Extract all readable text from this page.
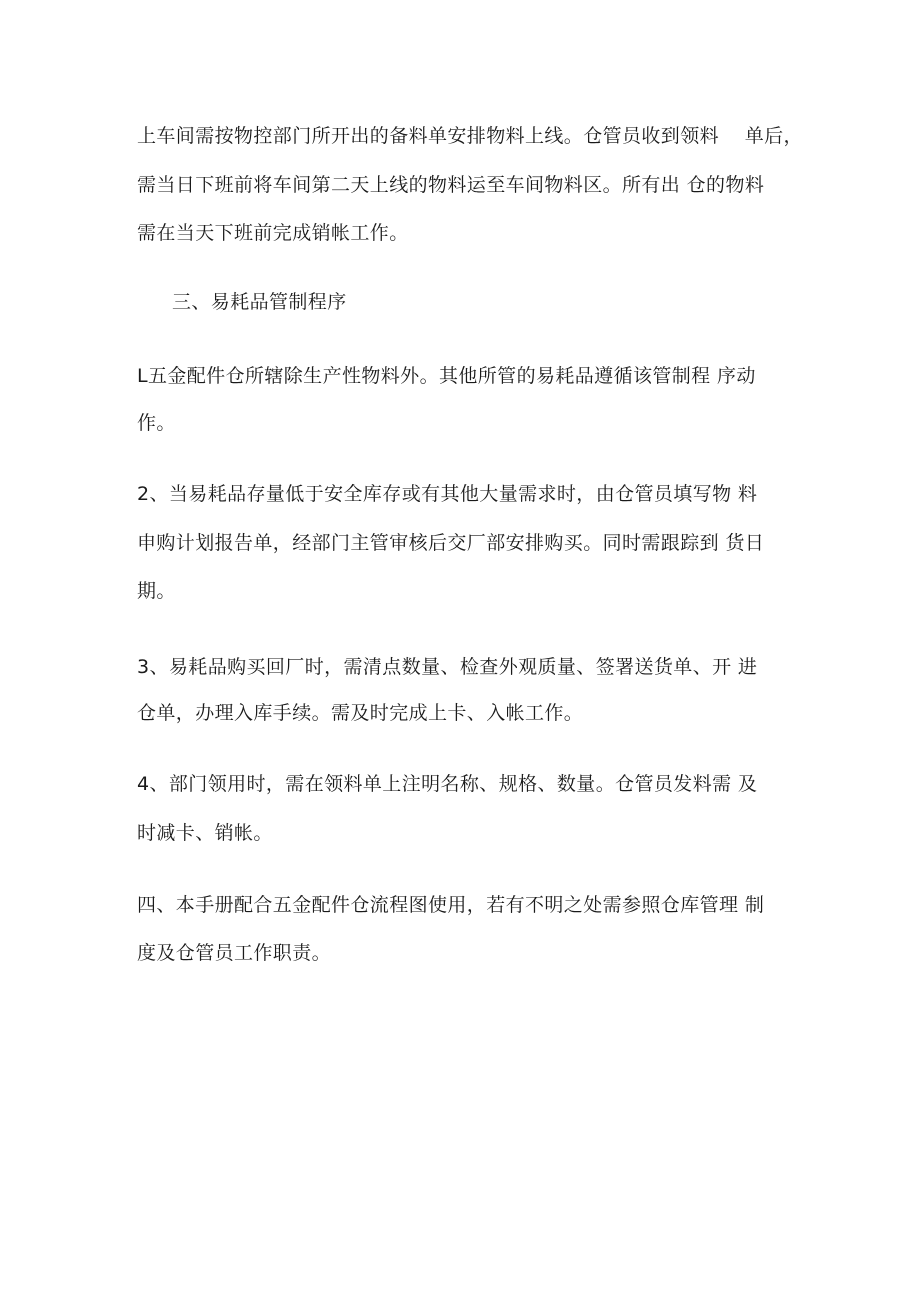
上车间需按物控部门所开出的备料单安排物料上线。仓管员收到领料    单后，
需当日下班前将车间第二天上线的物料运至车间物料区。所有出 仓的物料
需在当天下班前完成销帐工作。
三、易耗品管制程序
L五金配件仓所辖除生产性物料外。其他所管的易耗品遵循该管制程 序动
作。
2、当易耗品存量低于安全库存或有其他大量需求时，由仓管员填写物 料
申购计划报告单，经部门主管审核后交厂部安排购买。同时需跟踪到 货日
期。
3、易耗品购买回厂时，需清点数量、检查外观质量、签署送货单、开 进
仓单，办理入库手续。需及时完成上卡、入帐工作。
4、部门领用时，需在领料单上注明名称、规格、数量。仓管员发料需 及
时减卡、销帐。
四、本手册配合五金配件仓流程图使用，若有不明之处需参照仓库管理 制
度及仓管员工作职责。
